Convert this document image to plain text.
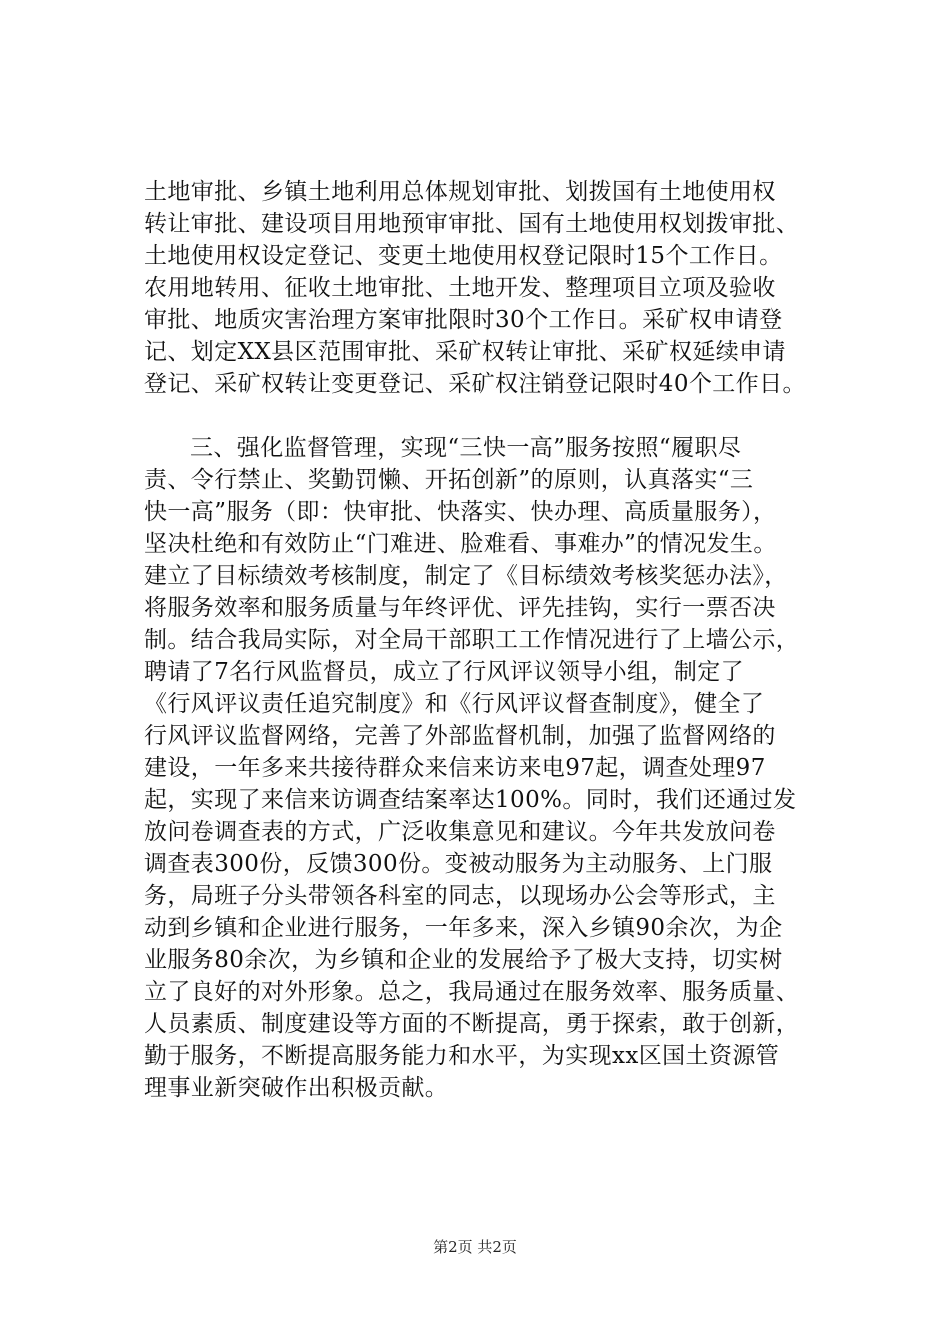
土地审批、乡镇土地利用总体规划审批、划拨国有土地使用权
转让审批、建设项目用地预审审批、国有土地使用权划拨审批、
土地使用权设定登记、变更土地使用权登记限时15个工作日。
农用地转用、征收土地审批、土地开发、整理项目立项及验收
审批、地质灾害治理方案审批限时30个工作日。采矿权申请登
记、划定XX县区范围审批、采矿权转让审批、采矿权延续申请
登记、采矿权转让变更登记、采矿权注销登记限时40个工作日。
三、强化监督管理，实现“三快一高”服务按照“履职尽
责、令行禁止、奖勤罚懒、开拓创新”的原则，认真落实“三
快一高”服务（即：快审批、快落实、快办理、高质量服务），
坚决杜绝和有效防止“门难进、脸难看、事难办”的情况发生。
建立了目标绩效考核制度，制定了《目标绩效考核奖惩办法》，
将服务效率和服务质量与年终评优、评先挂钩，实行一票否决
制。结合我局实际，对全局干部职工工作情况进行了上墙公示，
聘请了7名行风监督员，成立了行风评议领导小组，制定了
《行风评议责任追究制度》和《行风评议督查制度》，健全了
行风评议监督网络，完善了外部监督机制，加强了监督网络的
建设，一年多来共接待群众来信来访来电97起，调查处理97
起，实现了来信来访调查结案率达100%。同时，我们还通过发
放问卷调查表的方式，广泛收集意见和建议。今年共发放问卷
调查表300份，反馈300份。变被动服务为主动服务、上门服
务，局班子分头带领各科室的同志，以现场办公会等形式，主
动到乡镇和企业进行服务，一年多来，深入乡镇90余次，为企
业服务80余次，为乡镇和企业的发展给予了极大支持，切实树
立了良好的对外形象。总之，我局通过在服务效率、服务质量、
人员素质、制度建设等方面的不断提高，勇于探索，敢于创新，
勤于服务，不断提高服务能力和水平，为实现xx区国土资源管
理事业新突破作出积极贡献。
第2页 共2页
